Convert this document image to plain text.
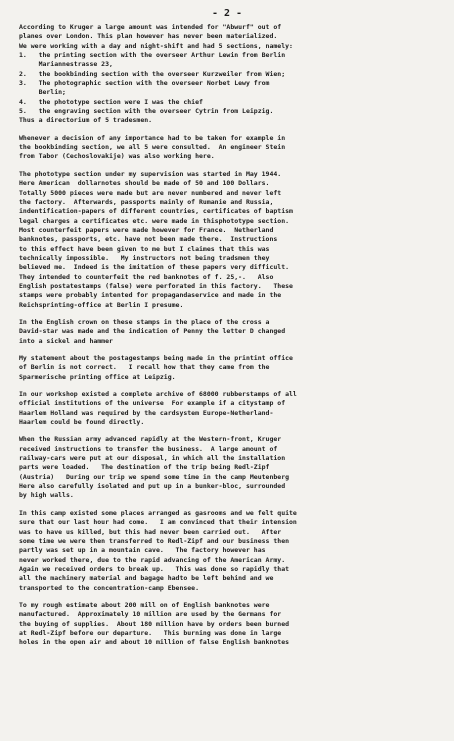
- 2 -
According to Kruger a large amount was intended for "Abwurf" out of
planes over London. This plan however has never been materialized.
We were working with a day and night-shift and had 5 sections, namely:
1.   the printing section with the overseer Arthur Lewin from Berlin
Mariannestrasse 23,
2.   the bookbinding section with the overseer Kurzweiler from Wien;
3.   The photographic section with the overseer Norbet Lewy from
Berlin;
4.   the phototype section were I was the chief
5.   the engraving section with the overseer Cytrin from Leipzig.
Thus a directorium of 5 tradesmen.
Whenever a decision of any importance had to be taken for example in
the bookbinding section, we all 5 were consulted.  An engineer Stein
from Tabor (Cechoslovakije) was also working here.
The phototype section under my supervision was started in May 1944.
Here American  dollarnotes should be made of 50 and 100 Dollars.
Totally 5000 pieces were made but are never numbered and never left
the factory.  Afterwards, passports mainly of Rumanie and Russia,
indentification-papers of different countries, certificates of baptism
legal charges a certificates etc. were made in thisphototype section.
Most counterfeit papers were made however for France.  Netherland
banknotes, passports, etc. have not been made there.  Instructions
to this effect have been given to me but I claimes that this was
technically impossible.   My instructors not being tradsmen they
believed me.  Indeed is the imitation of these papers very difficult.
They intended to counterfeit the red banknotes of f. 25,-.   Also
English postatestamps (false) were perforated in this factory.   These
stamps were probably intented for propagandaservice and made in the
Reichsprinting-office at Berlin I presume.
In the English crown on these stamps in the place of the cross a
David-star was made and the indication of Penny the letter D changed
into a sickel and hammer
My statement about the postagestamps being made in the printint office
of Berlin is not correct.   I recall how that they came from the
Sparmerische printing office at Leipzig.
In our workshop existed a complete archive of 68000 rubberstamps of all
official institutions of the universe  For example if a citystamp of
Haarlem Holland was required by the cardsystem Europe-Netherland-
Haarlem could be found directly.
When the Russian army advanced rapidly at the Western-front, Kruger
received instructions to transfer the business.  A large amount of
railway-cars were put at our disposal, in which all the installation
parts were loaded.   The destination of the trip being Redl-Zipf
(Austria)   During our trip we spend some time in the camp Meutenberg
Here also carefully isolated and put up in a bunker-bloc, surrounded
by high walls.
In this camp existed some places arranged as gasrooms and we felt quite
sure that our last hour had come.   I am convinced that their intension
was to have us killed, but this had never been carried out.   After
some time we were then transferred to Redl-Zipf and our business then
partly was set up in a mountain cave.   The factory however has
never worked there, due to the rapid advancing of the American Army.
Again we received orders to break up.   This was done so rapidly that
all the machinery material and bagage hadto be left behind and we
transported to the concentration-camp Ebensee.
To my rough estimate about 200 mill on of English banknotes were
manufactured.  Approximately 10 million are used by the Germans for
the buying of supplies.  About 180 million have by orders been burned
at Redl-Zipf before our departure.   This burning was done in large
holes in the open air and about 10 million of false English banknotes
